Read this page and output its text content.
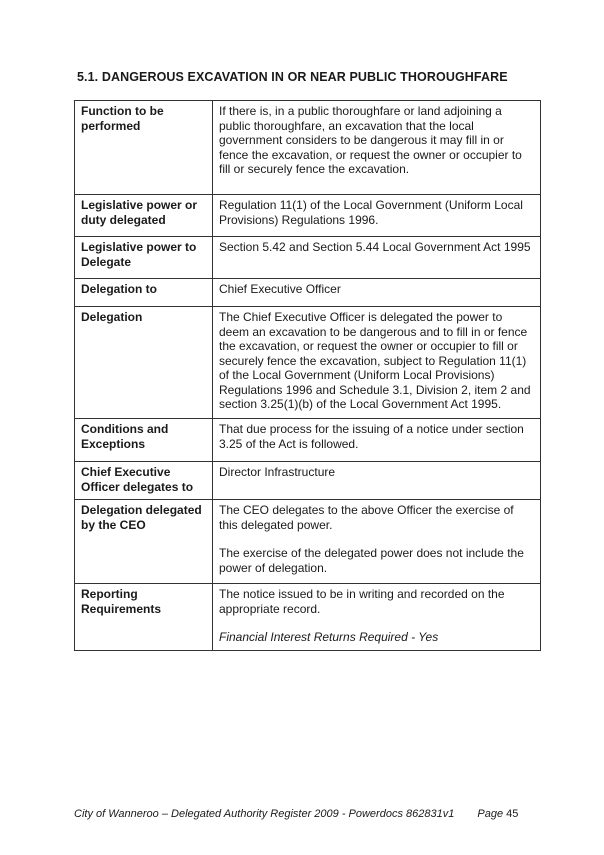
5.1. DANGEROUS EXCAVATION IN OR NEAR PUBLIC THOROUGHFARE
Function to be performed	If there is, in a public thoroughfare or land adjoining a public thoroughfare, an excavation that the local government considers to be dangerous it may fill in or fence the excavation, or request the owner or occupier to fill or securely fence the excavation.

Legislative power or duty delegated	Regulation 11(1) of the Local Government (Uniform Local Provisions) Regulations 1996.

Legislative power to Delegate	Section 5.42 and Section 5.44 Local Government Act 1995

Delegation to	Chief Executive Officer

Delegation	The Chief Executive Officer is delegated the power to deem an excavation to be dangerous and to fill in or fence the excavation, or request the owner or occupier to fill or securely fence the excavation, subject to Regulation 11(1) of the Local Government (Uniform Local Provisions) Regulations 1996 and Schedule 3.1, Division 2, item 2 and section 3.25(1)(b) of the Local Government Act 1995.

Conditions and Exceptions	That due process for the issuing of a notice under section 3.25 of the Act is followed.

Chief Executive Officer delegates to	Director Infrastructure

Delegation delegated by the CEO	The CEO delegates to the above Officer the exercise of this delegated power.

The exercise of the delegated power does not include the power of delegation.

Reporting Requirements	The notice issued to be in writing and recorded on the appropriate record.

Financial Interest Returns Required - Yes

City of Wanneroo – Delegated Authority Register 2009 - Powerdocs 862831v1 Page 45
